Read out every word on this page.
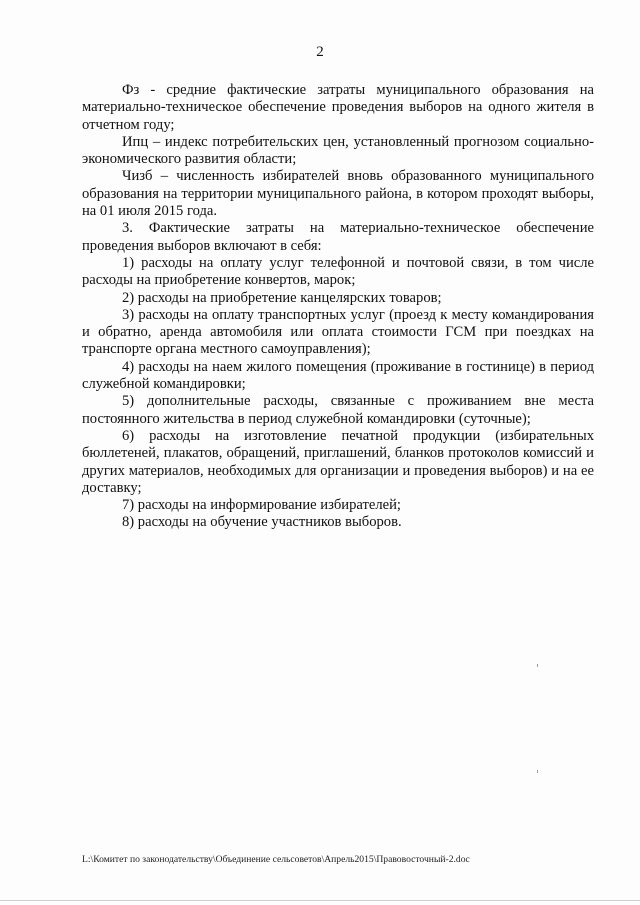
2

Фз - средние фактические затраты муниципального образования на материально-техническое обеспечение проведения выборов на одного жителя в отчетном году;

Ипц – индекс потребительских цен, установленный прогнозом социально-экономического развития области;

Чизб – численность избирателей вновь образованного муниципального образования на территории муниципального района, в котором проходят выборы, на 01 июля 2015 года.

3. Фактические затраты на материально-техническое обеспечение проведения выборов включают в себя:

1) расходы на оплату услуг телефонной и почтовой связи, в том числе расходы на приобретение конвертов, марок;

2) расходы на приобретение канцелярских товаров;

3) расходы на оплату транспортных услуг (проезд к месту командирования и обратно, аренда автомобиля или оплата стоимости ГСМ при поездках на транспорте органа местного самоуправления);

4) расходы на наем жилого помещения (проживание в гостинице) в период служебной командировки;

5) дополнительные расходы, связанные с проживанием вне места постоянного жительства в период служебной командировки (суточные);

6) расходы на изготовление печатной продукции (избирательных бюллетеней, плакатов, обращений, приглашений, бланков протоколов комиссий и других материалов, необходимых для организации и проведения выборов) и на ее доставку;

7) расходы на информирование избирателей;

8) расходы на обучение участников выборов.

L:\Комитет по законодательству\Объединение сельсоветов\Апрель2015\Правовосточный-2.doc
